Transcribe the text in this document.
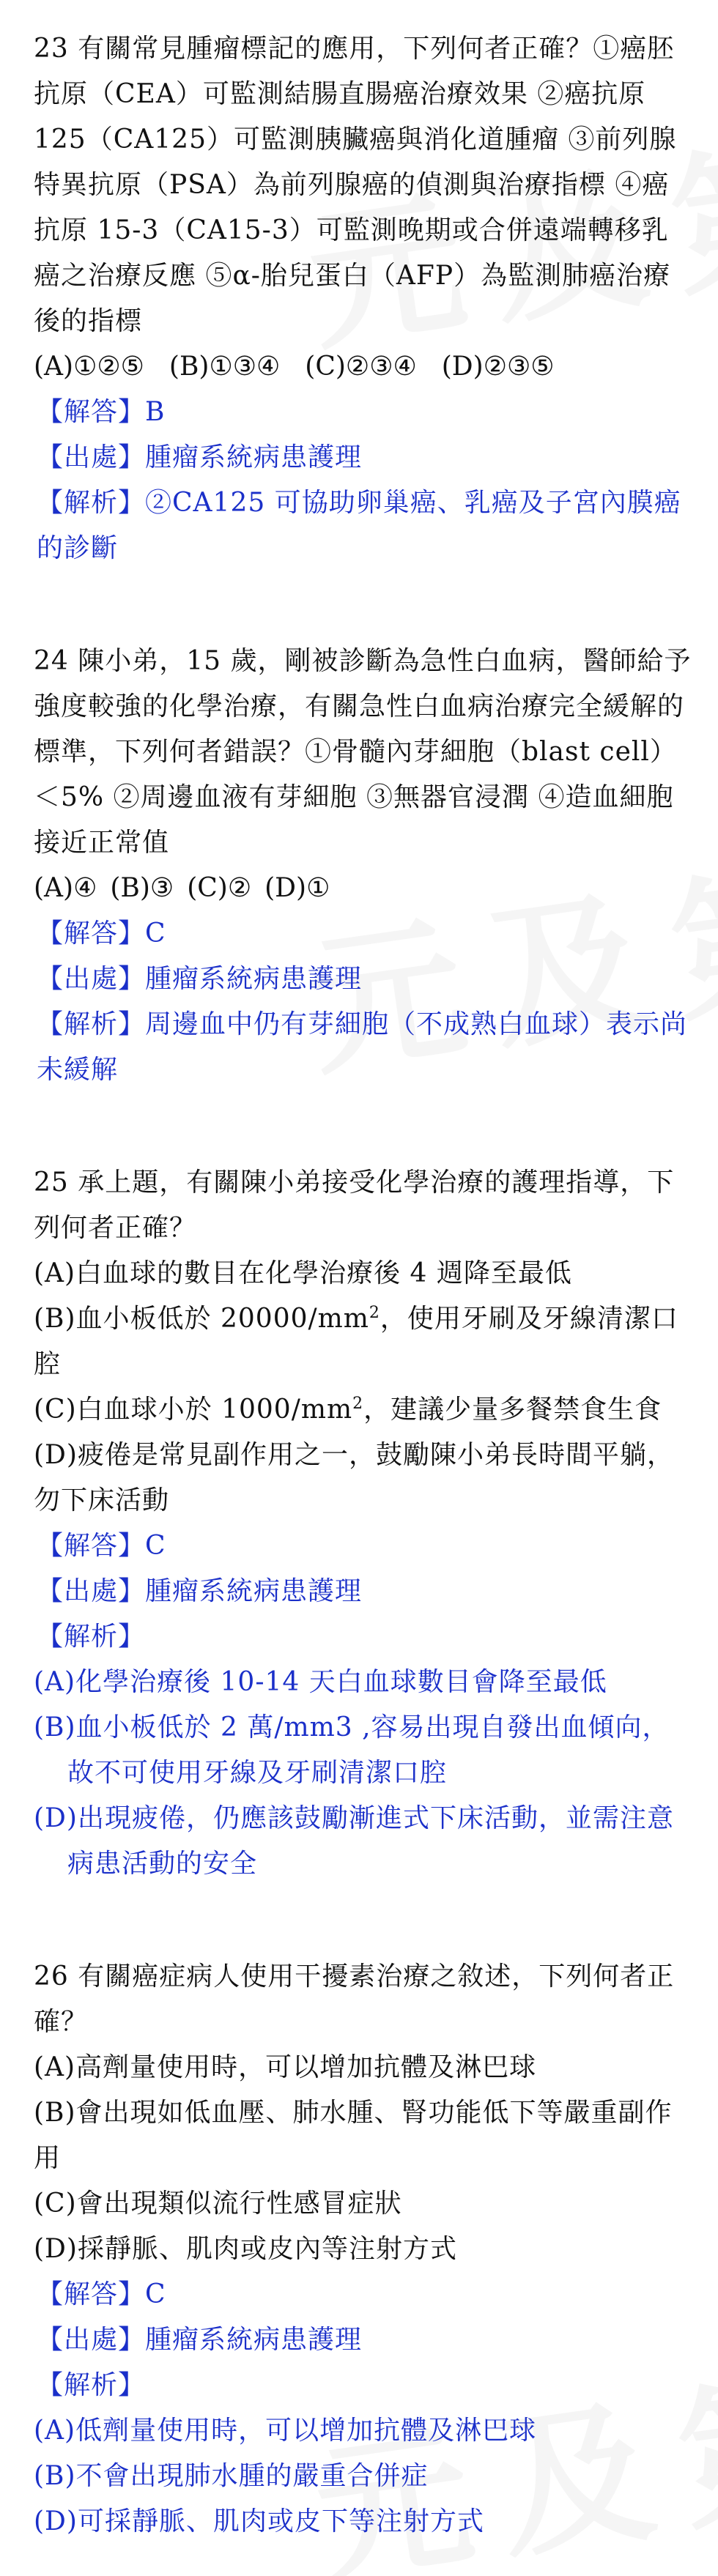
23 有關常見腫瘤標記的應用，下列何者正確？①癌胚抗原（CEA）可監測結腸直腸癌治療效果 ②癌抗原 125（CA125）可監測胰臟癌與消化道腫瘤 ③前列腺特異抗原（PSA）為前列腺癌的偵測與治療指標 ④癌抗原 15-3（CA15-3）可監測晚期或合併遠端轉移乳癌之治療反應 ⑤α-胎兒蛋白（AFP）為監測肺癌治療後的指標

(A)①②⑤ (B)①③④ (C)②③④ (D)②③⑤

【解答】B

【出處】腫瘤系統病患護理

【解析】②CA125 可協助卵巢癌、乳癌及子宮內膜癌的診斷

24 陳小弟，15 歲，剛被診斷為急性白血病，醫師給予強度較強的化學治療，有關急性白血病治療完全緩解的標準，下列何者錯誤？①骨髓內芽細胞（blast cell）＜5% ②周邊血液有芽細胞 ③無器官浸潤 ④造血細胞接近正常值

(A)④ (B)③ (C)② (D)①

【解答】C

【出處】腫瘤系統病患護理

【解析】周邊血中仍有芽細胞（不成熟白血球）表示尚未緩解

25 承上題，有關陳小弟接受化學治療的護理指導，下列何者正確？

(A)白血球的數目在化學治療後 4 週降至最低

(B)血小板低於 $20000/mm^2$，使用牙刷及牙線清潔口腔

(C)白血球小於 $1000/mm^2$，建議少量多餐禁食生食

(D)疲倦是常見副作用之一，鼓勵陳小弟長時間平躺，勿下床活動

【解答】C

【出處】腫瘤系統病患護理

【解析】

(A)化學治療後 10-14 天白血球數目會降至最低

(B)血小板低於 2 萬/mm3 ,容易出現自發出血傾向，故不可使用牙線及牙刷清潔口腔

(D)出現疲倦，仍應該鼓勵漸進式下床活動，並需注意病患活動的安全

26 有關癌症病人使用干擾素治療之敘述，下列何者正確？

(A)高劑量使用時，可以增加抗體及淋巴球

(B)會出現如低血壓、肺水腫、腎功能低下等嚴重副作用

(C)會出現類似流行性感冒症狀

(D)採靜脈、肌肉或皮內等注射方式

【解答】C

【出處】腫瘤系統病患護理

【解析】

(A)低劑量使用時，可以增加抗體及淋巴球

(B)不會出現肺水腫的嚴重合併症

(D)可採靜脈、肌肉或皮下等注射方式
